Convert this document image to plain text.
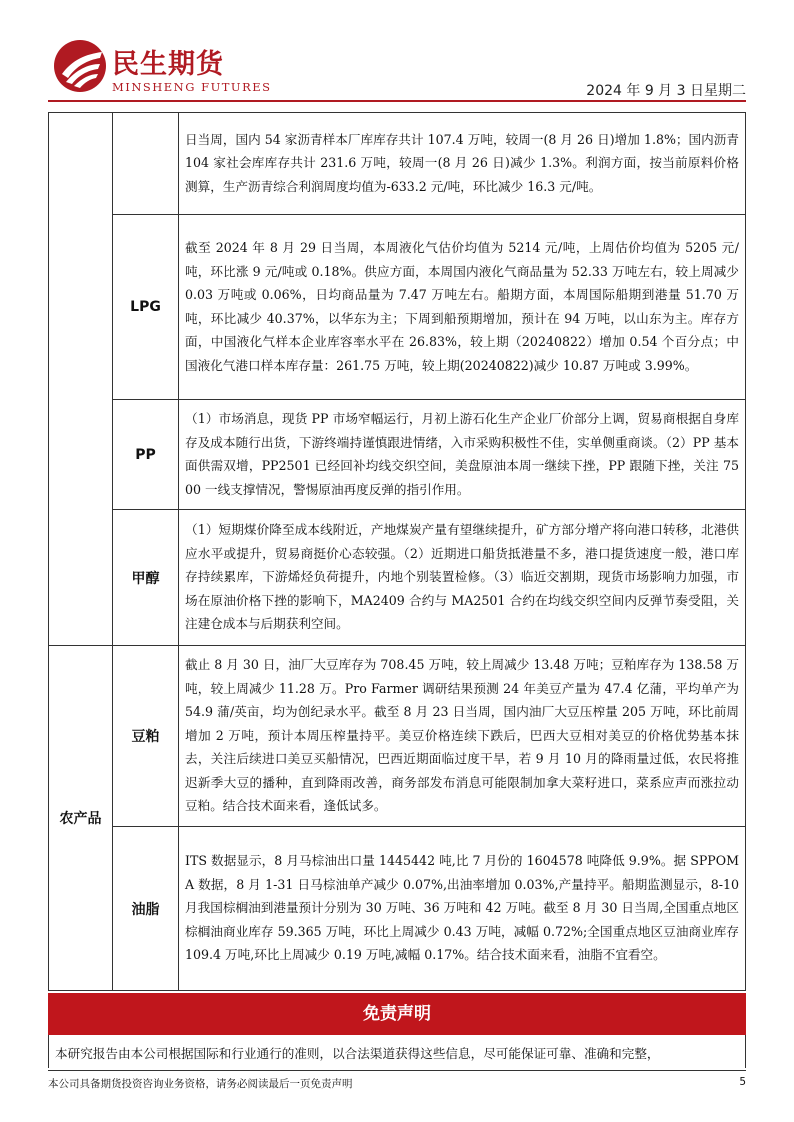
民生期货
MINSHENG FUTURES	2024 年 9 月 3 日星期二
		日当周，国内 54 家沥青样本厂库库存共计 107.4 万吨，较周一(8 月 26 日)增加 1.8%；国内沥青 104 家社会库库存共计 231.6 万吨，较周一(8 月 26 日)减少 1.3%。利润方面，按当前原料价格测算，生产沥青综合利润周度均值为-633.2 元/吨，环比减少 16.3 元/吨。
	LPG	截至 2024 年 8 月 29 日当周，本周液化气估价均值为 5214 元/吨，上周估价均值为 5205 元/吨，环比涨 9 元/吨或 0.18%。供应方面，本周国内液化气商品量为 52.33 万吨左右，较上周减少 0.03 万吨或 0.06%，日均商品量为 7.47 万吨左右。船期方面，本周国际船期到港量 51.70 万吨，环比减少 40.37%，以华东为主；下周到船预期增加，预计在 94 万吨，以山东为主。库存方面，中国液化气样本企业库容率水平在 26.83%，较上期（20240822）增加 0.54 个百分点；中国液化气港口样本库存量：261.75 万吨，较上期(20240822)减少 10.87 万吨或 3.99%。
	PP	（1）市场消息，现货 PP 市场窄幅运行，月初上游石化生产企业厂价部分上调，贸易商根据自身库存及成本随行出货，下游终端持谨慎跟进情绪，入市采购积极性不佳，实单侧重商谈。（2）PP 基本面供需双增，PP2501 已经回补均线交织空间，美盘原油本周一继续下挫，PP 跟随下挫，关注 7500 一线支撑情况，警惕原油再度反弹的指引作用。
	甲醇	（1）短期煤价降至成本线附近，产地煤炭产量有望继续提升，矿方部分增产将向港口转移，北港供应水平或提升，贸易商挺价心态较强。（2）近期进口船货抵港量不多，港口提货速度一般，港口库存持续累库，下游烯烃负荷提升，内地个别装置检修。（3）临近交割期，现货市场影响力加强，市场在原油价格下挫的影响下，MA2409 合约与 MA2501 合约在均线交织空间内反弹节奏受阻，关注建仓成本与后期获利空间。
农产品	豆粕	截止 8 月 30 日，油厂大豆库存为 708.45 万吨，较上周减少 13.48 万吨；豆粕库存为 138.58 万吨，较上周减少 11.28 万。Pro Farmer 调研结果预测 24 年美豆产量为 47.4 亿蒲，平均单产为 54.9 蒲/英亩，均为创纪录水平。截至 8 月 23 日当周，国内油厂大豆压榨量 205 万吨，环比前周增加 2 万吨，预计本周压榨量持平。美豆价格连续下跌后，巴西大豆相对美豆的价格优势基本抹去，关注后续进口美豆买船情况，巴西近期面临过度干旱，若 9 月 10 月的降雨量过低，农民将推迟新季大豆的播种，直到降雨改善，商务部发布消息可能限制加拿大菜籽进口，菜系应声而涨拉动豆粕。结合技术面来看，逢低试多。
	油脂	ITS 数据显示，8 月马棕油出口量 1445442 吨,比 7 月份的 1604578 吨降低 9.9%。据 SPPOMA 数据，8 月 1-31 日马棕油单产减少 0.07%,出油率增加 0.03%,产量持平。船期监测显示，8-10 月我国棕榈油到港量预计分别为 30 万吨、36 万吨和 42 万吨。截至 8 月 30 日当周,全国重点地区棕榈油商业库存 59.365 万吨，环比上周减少 0.43 万吨，减幅 0.72%;全国重点地区豆油商业库存 109.4 万吨,环比上周减少 0.19 万吨,减幅 0.17%。结合技术面来看，油脂不宜看空。
免责声明
本研究报告由本公司根据国际和行业通行的准则，以合法渠道获得这些信息，尽可能保证可靠、准确和完整，
本公司具备期货投资咨询业务资格，请务必阅读最后一页免责声明	5
